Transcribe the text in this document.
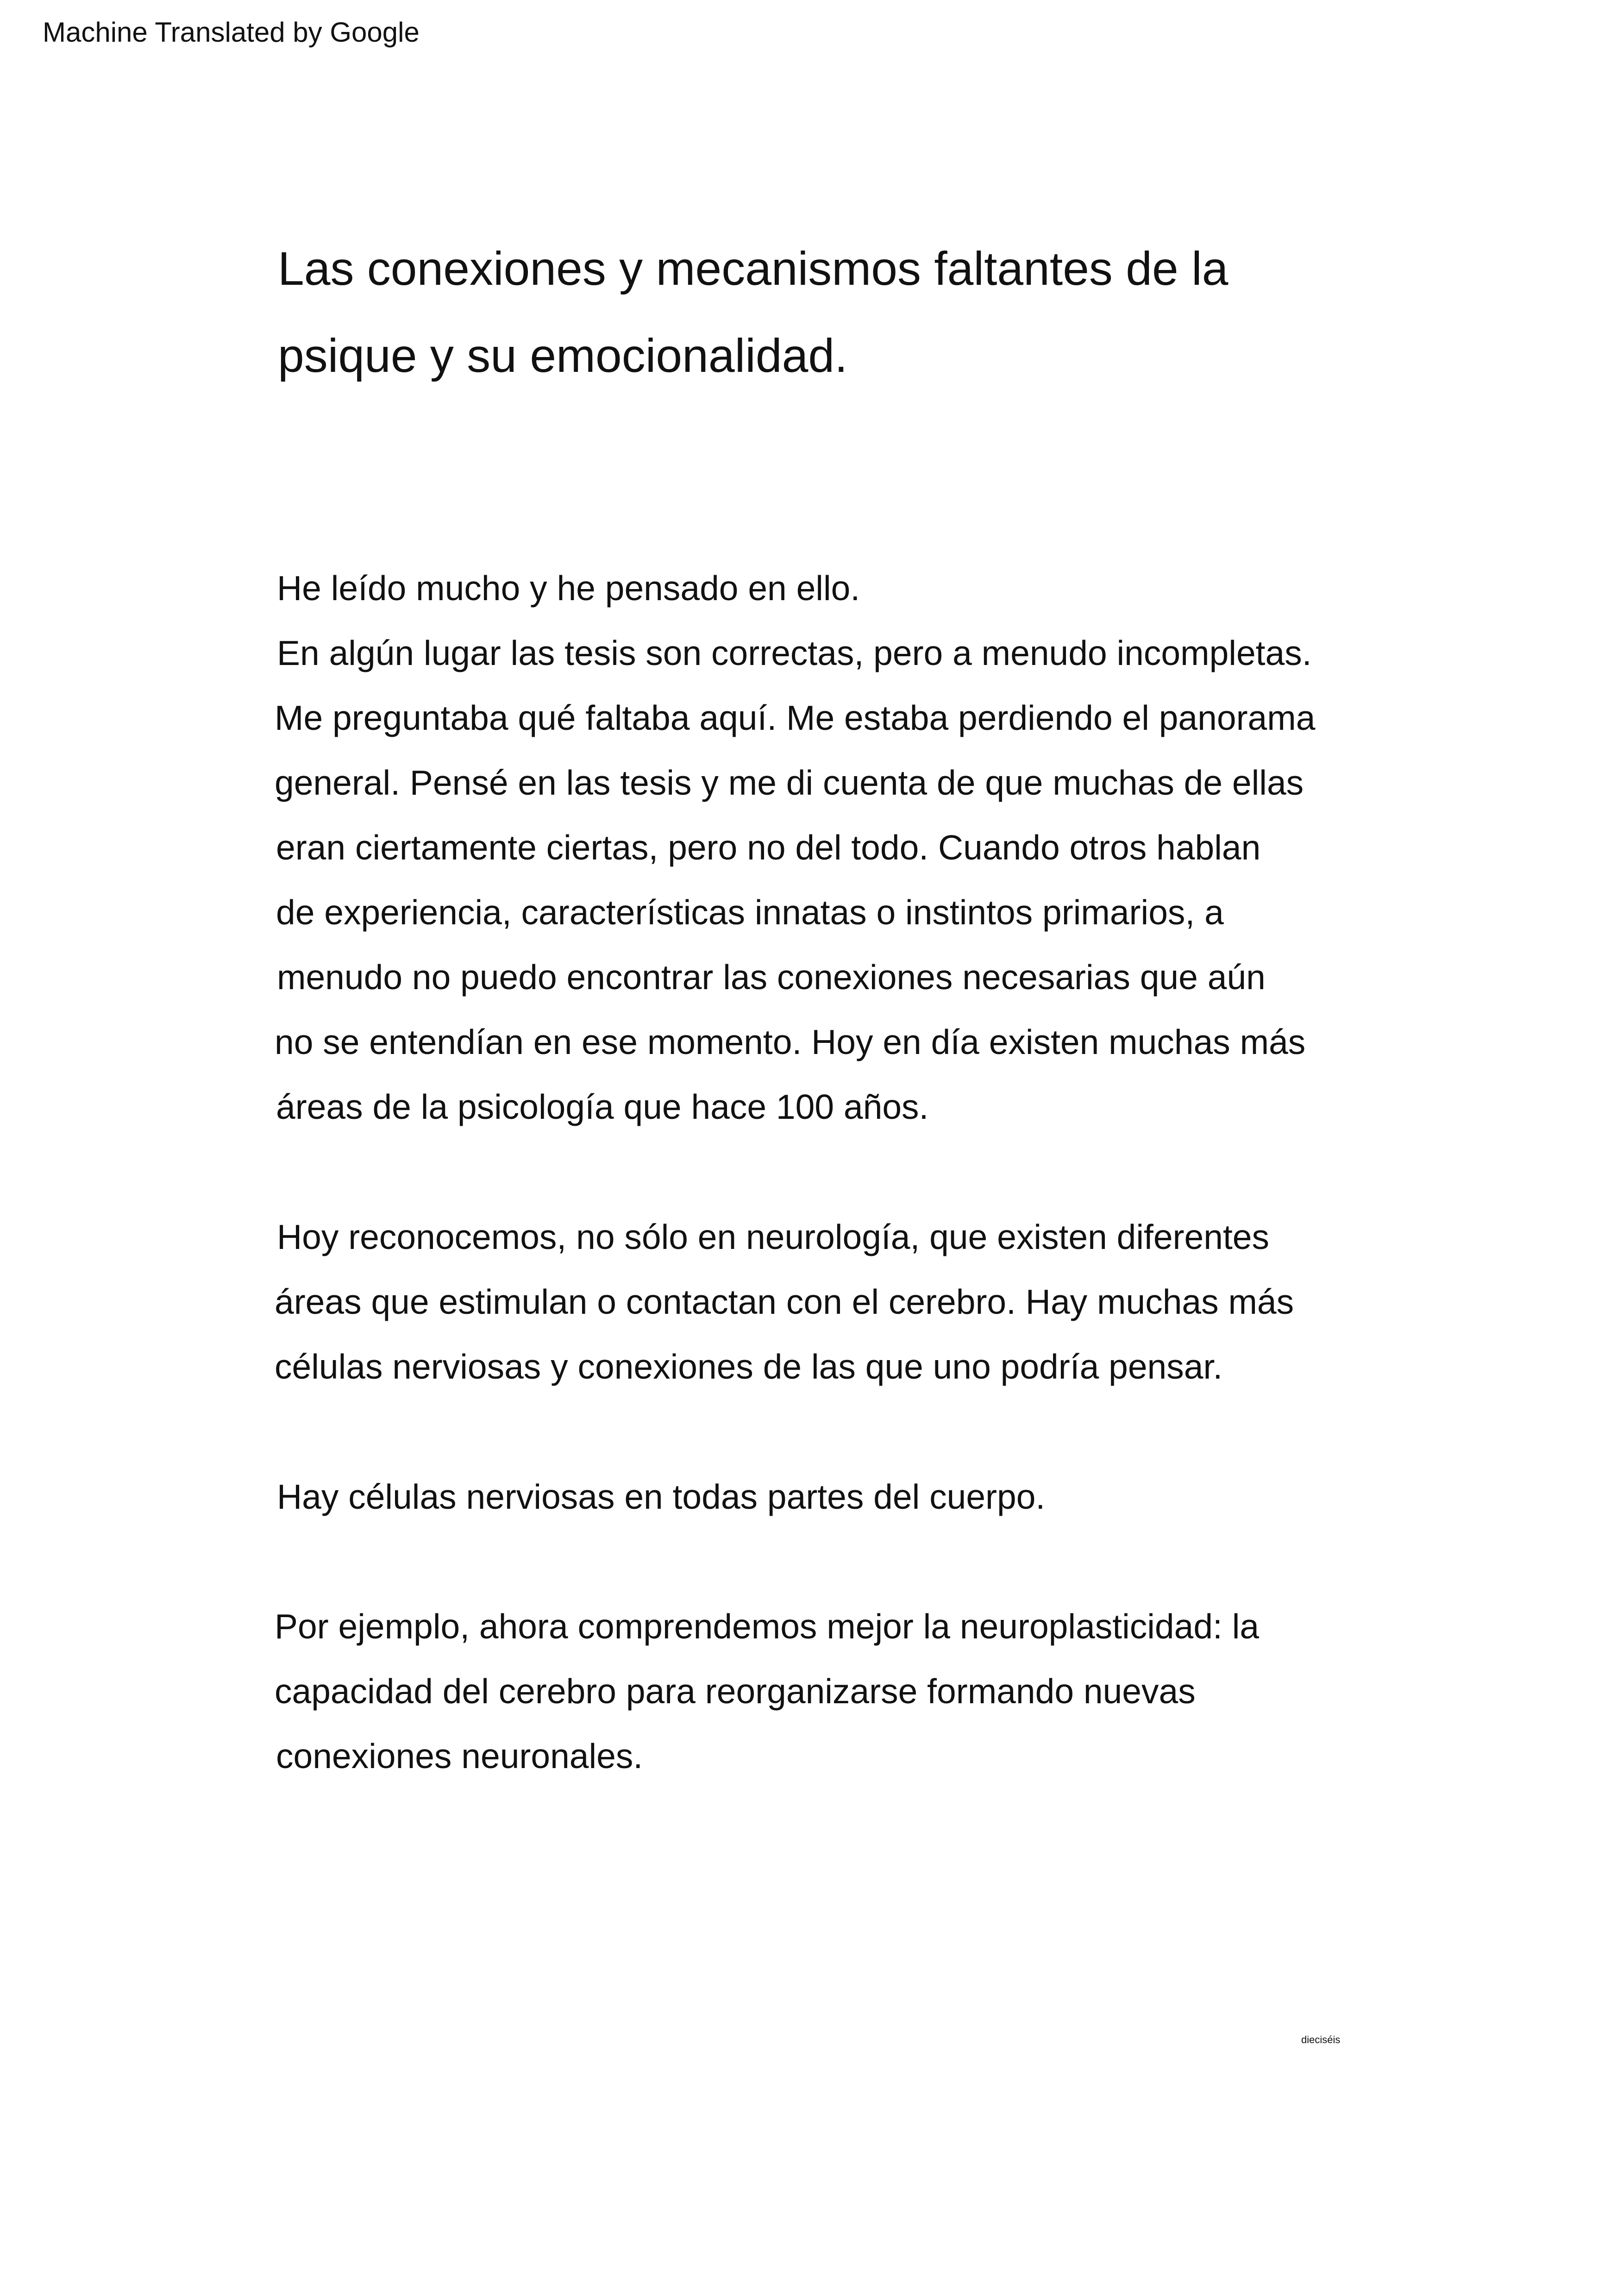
Machine Translated by Google
Las conexiones y mecanismos faltantes de la
psique y su emocionalidad.
He leído mucho y he pensado en ello.
En algún lugar las tesis son correctas, pero a menudo incompletas.
Me preguntaba qué faltaba aquí. Me estaba perdiendo el panorama
general. Pensé en las tesis y me di cuenta de que muchas de ellas
eran ciertamente ciertas, pero no del todo. Cuando otros hablan
de experiencia, características innatas o instintos primarios, a
menudo no puedo encontrar las conexiones necesarias que aún
no se entendían en ese momento. Hoy en día existen muchas más
áreas de la psicología que hace 100 años.
Hoy reconocemos, no sólo en neurología, que existen diferentes
áreas que estimulan o contactan con el cerebro. Hay muchas más
células nerviosas y conexiones de las que uno podría pensar.
Hay células nerviosas en todas partes del cuerpo.
Por ejemplo, ahora comprendemos mejor la neuroplasticidad: la
capacidad del cerebro para reorganizarse formando nuevas
conexiones neuronales.
dieciséis
